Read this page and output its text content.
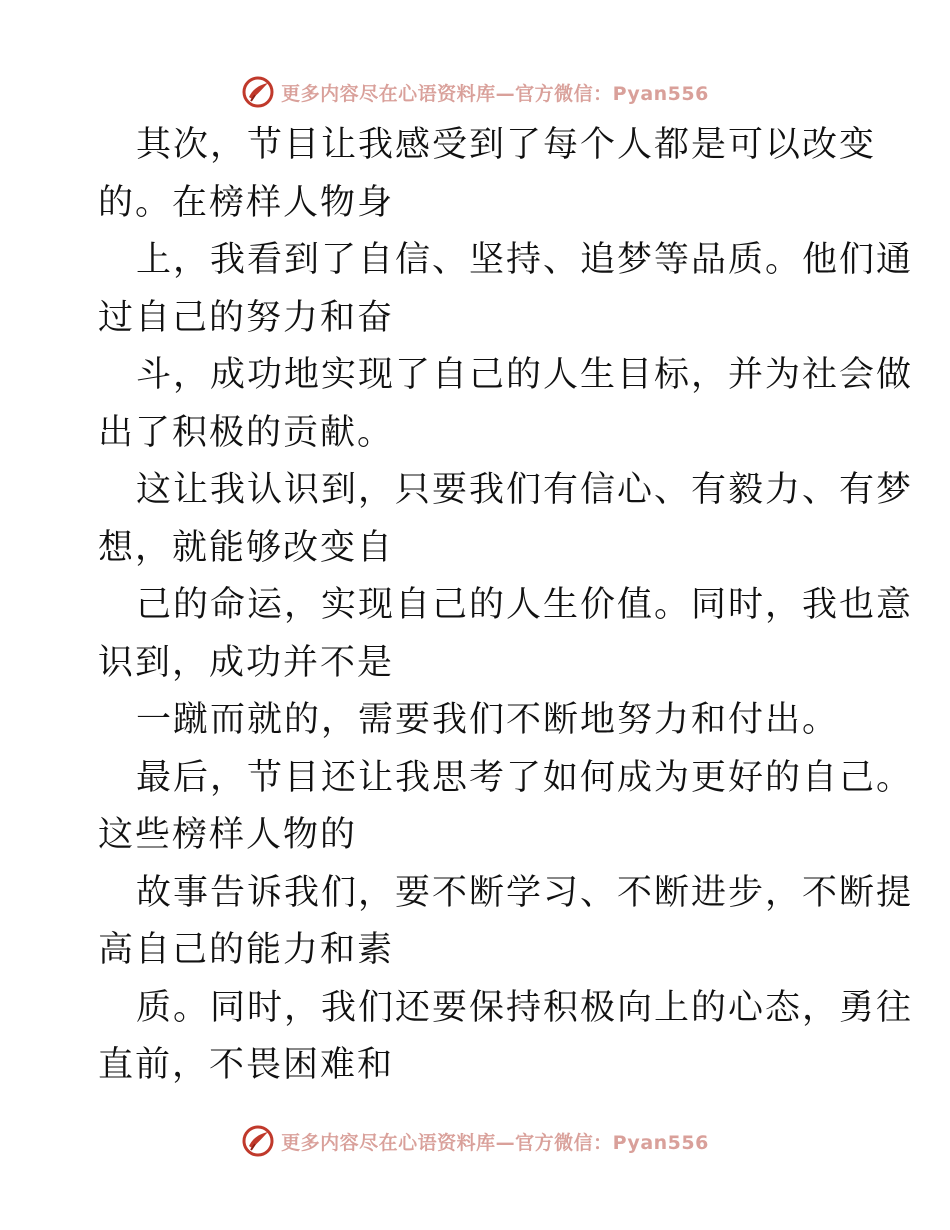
更多内容尽在心语资料库—官方微信：Pyan556
其次，节目让我感受到了每个人都是可以改变
的。在榜样人物身
上，我看到了自信、坚持、追梦等品质。他们通
过自己的努力和奋
斗，成功地实现了自己的人生目标，并为社会做
出了积极的贡献。
这让我认识到，只要我们有信心、有毅力、有梦
想，就能够改变自
己的命运，实现自己的人生价值。同时，我也意
识到，成功并不是
一蹴而就的，需要我们不断地努力和付出。
最后，节目还让我思考了如何成为更好的自己。
这些榜样人物的
故事告诉我们，要不断学习、不断进步，不断提
高自己的能力和素
质。同时，我们还要保持积极向上的心态，勇往
直前，不畏困难和
更多内容尽在心语资料库—官方微信：Pyan556
